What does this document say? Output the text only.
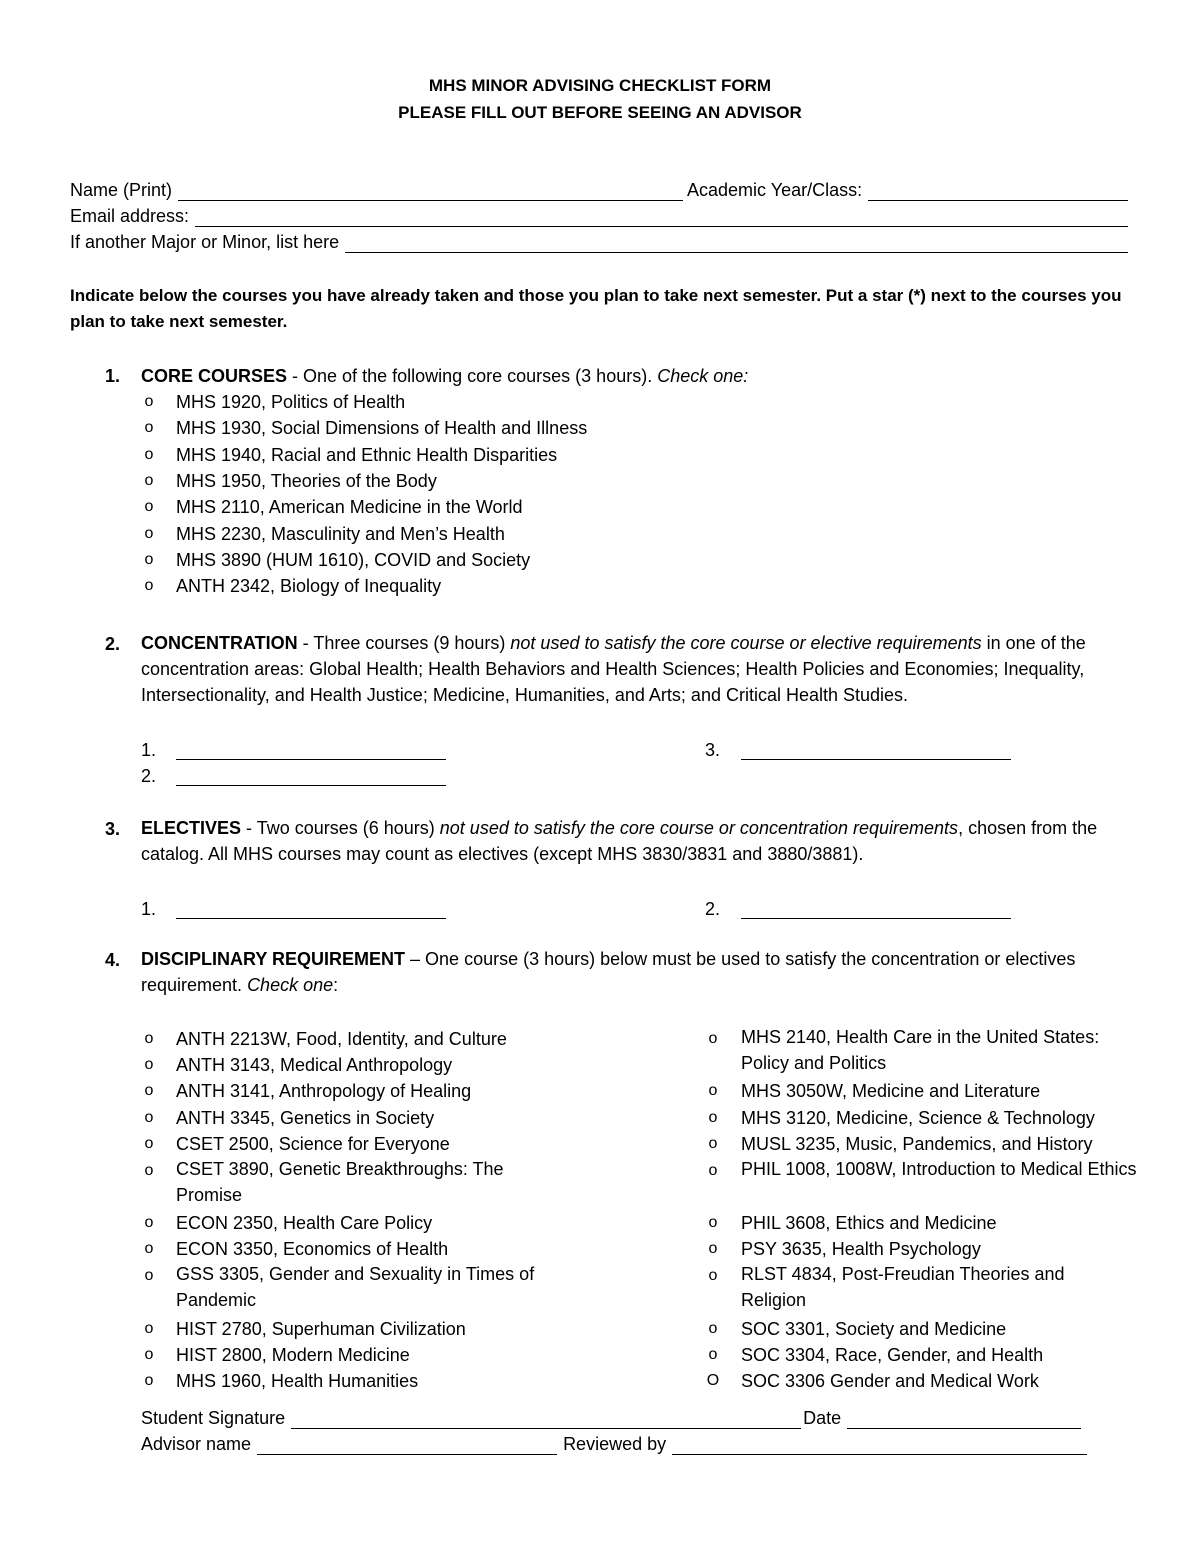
MHS MINOR ADVISING CHECKLIST FORM
PLEASE FILL OUT BEFORE SEEING AN ADVISOR
Name (Print)	Academic Year/Class:
Email address:
If another Major or Minor, list here
Indicate below the courses you have already taken and those you plan to take next semester. Put a star (*) next to the courses you plan to take next semester.
1. CORE COURSES - One of the following core courses (3 hours). Check one:
o MHS 1920, Politics of Health
o MHS 1930, Social Dimensions of Health and Illness
o MHS 1940, Racial and Ethnic Health Disparities
o MHS 1950, Theories of the Body
o MHS 2110, American Medicine in the World
o MHS 2230, Masculinity and Men’s Health
o MHS 3890 (HUM 1610), COVID and Society
o ANTH 2342, Biology of Inequality
2. CONCENTRATION - Three courses (9 hours) not used to satisfy the core course or elective requirements in one of the concentration areas: Global Health; Health Behaviors and Health Sciences; Health Policies and Economies; Inequality, Intersectionality, and Health Justice; Medicine, Humanities, and Arts; and Critical Health Studies.
1.
2.
3.
3. ELECTIVES - Two courses (6 hours) not used to satisfy the core course or concentration requirements, chosen from the catalog. All MHS courses may count as electives (except MHS 3830/3831 and 3880/3881).
1.	2.
4. DISCIPLINARY REQUIREMENT – One course (3 hours) below must be used to satisfy the concentration or electives requirement. Check one:
o ANTH 2213W, Food, Identity, and Culture
o ANTH 3143, Medical Anthropology
o ANTH 3141, Anthropology of Healing
o ANTH 3345, Genetics in Society
o CSET 2500, Science for Everyone
o CSET 3890, Genetic Breakthroughs: The Promise
o ECON 2350, Health Care Policy
o ECON 3350, Economics of Health
o GSS 3305, Gender and Sexuality in Times of Pandemic
o HIST 2780, Superhuman Civilization
o HIST 2800, Modern Medicine
o MHS 1960, Health Humanities
o MHS 2140, Health Care in the United States: Policy and Politics
o MHS 3050W, Medicine and Literature
o MHS 3120, Medicine, Science & Technology
o MUSL 3235, Music, Pandemics, and History
o PHIL 1008, 1008W, Introduction to Medical Ethics
o PHIL 3608, Ethics and Medicine
o PSY 3635, Health Psychology
o RLST 4834, Post-Freudian Theories and Religion
o SOC 3301, Society and Medicine
o SOC 3304, Race, Gender, and Health
O SOC 3306 Gender and Medical Work
Student Signature	Date
Advisor name	Reviewed by
